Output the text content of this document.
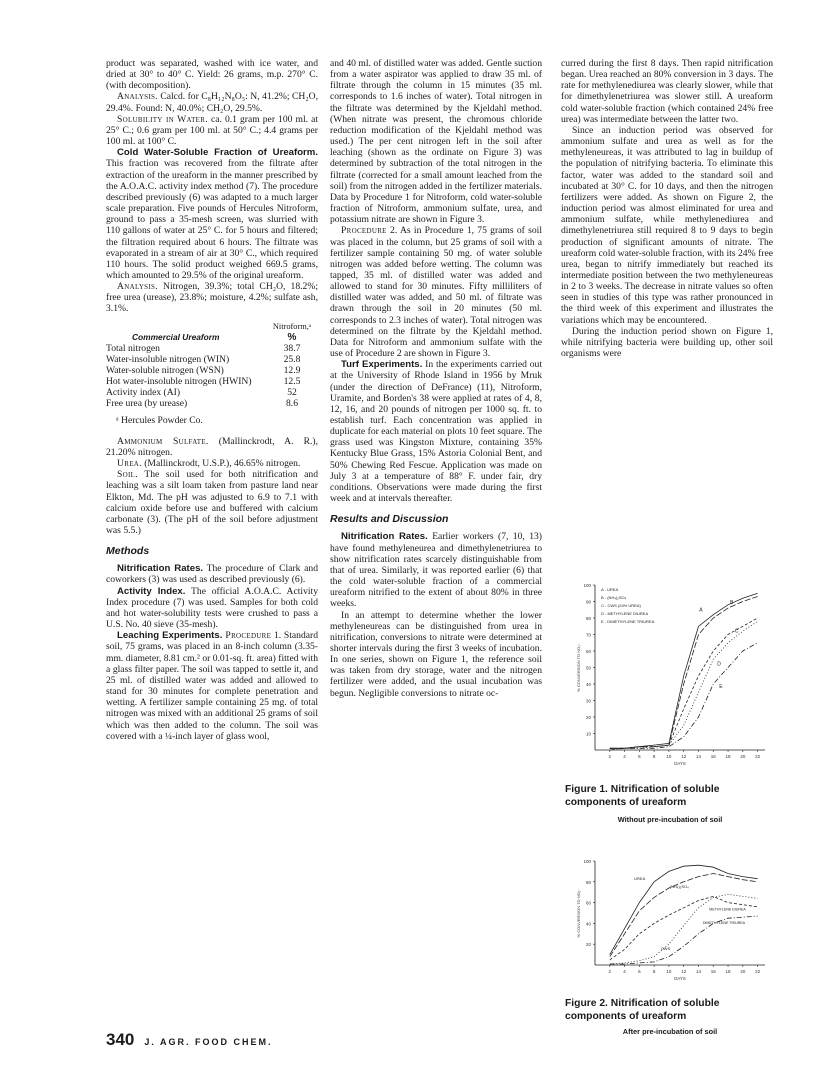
product was separated, washed with ice water, and dried at 30° to 40° C. Yield: 26 grams, m.p. 270° C. (with decomposition).

Analysis. Calcd. for C₈H₁₂N₈O₅: N, 41.2%; CH₂O, 29.4%. Found: N, 40.0%; CH₂O, 29.5%.

Solubility in Water. ca. 0.1 gram per 100 ml. at 25° C.; 0.6 gram per 100 ml. at 50° C.; 4.4 grams per 100 ml. at 100° C.

Cold Water-Soluble Fraction of Ureaform. This fraction was recovered from the filtrate after extraction of the ureaform in the manner prescribed by the A.O.A.C. activity index method (7). The procedure described previously (6) was adapted to a much larger scale preparation. Five pounds of Hercules Nitroform, ground to pass a 35-mesh screen, was slurried with 110 gallons of water at 25° C. for 5 hours and filtered; the filtration required about 6 hours. The filtrate was evaporated in a stream of air at 30° C., which required 110 hours. The solid product weighed 669.5 grams, which amounted to 29.5% of the original ureaform.

Analysis. Nitrogen, 39.3%; total CH₂O, 18.2%; free urea (urease), 23.8%; moisture, 4.2%; sulfate ash, 3.1%.

Commercial Ureaform	Nitroform,ᵃ
%

Total nitrogen	38.7
Water-insoluble nitrogen (WIN)	25.8
Water-soluble nitrogen (WSN)	12.9
Hot water-insoluble nitrogen (HWIN)	12.5
Activity index (AI)	52
Free urea (by urease)	8.6
ᵃ Hercules Powder Co.

Ammonium Sulfate. (Mallinckrodt, A. R.), 21.20% nitrogen.

Urea. (Mallinckrodt, U.S.P.), 46.65% nitrogen.

Soil. The soil used for both nitrification and leaching was a silt loam taken from pasture land near Elkton, Md. The pH was adjusted to 6.9 to 7.1 with calcium oxide before use and buffered with calcium carbonate (3). (The pH of the soil before adjustment was 5.5.)

Methods

Nitrification Rates. The procedure of Clark and coworkers (3) was used as described previously (6).

Activity Index. The official A.O.A.C. Activity Index procedure (7) was used. Samples for both cold and hot water-solubility tests were crushed to pass a U.S. No. 40 sieve (35-mesh).

Leaching Experiments. Procedure 1. Standard soil, 75 grams, was placed in an 8-inch column (3.35-mm. diameter, 8.81 cm.² or 0.01-sq. ft. area) fitted with a glass filter paper. The soil was tapped to settle it, and 25 ml. of distilled water was added and allowed to stand for 30 minutes for complete penetration and wetting. A fertilizer sample containing 25 mg. of total nitrogen was mixed with an additional 25 grams of soil which was then added to the column. The soil was covered with a ¼-inch layer of glass wool,

and 40 ml. of distilled water was added. Gentle suction from a water aspirator was applied to draw 35 ml. of filtrate through the column in 15 minutes (35 ml. corresponds to 1.6 inches of water). Total nitrogen in the filtrate was determined by the Kjeldahl method. (When nitrate was present, the chromous chloride reduction modification of the Kjeldahl method was used.) The per cent nitrogen left in the soil after leaching (shown as the ordinate on Figure 3) was determined by subtraction of the total nitrogen in the filtrate (corrected for a small amount leached from the soil) from the nitrogen added in the fertilizer materials. Data by Procedure 1 for Nitroform, cold water-soluble fraction of Nitroform, ammonium sulfate, urea, and potassium nitrate are shown in Figure 3.

Procedure 2. As in Procedure 1, 75 grams of soil was placed in the column, but 25 grams of soil with a fertilizer sample containing 50 mg. of water soluble nitrogen was added before wetting. The column was tapped, 35 ml. of distilled water was added and allowed to stand for 30 minutes. Fifty milliliters of distilled water was added, and 50 ml. of filtrate was drawn through the soil in 20 minutes (50 ml. corresponds to 2.3 inches of water). Total nitrogen was determined on the filtrate by the Kjeldahl method. Data for Nitroform and ammonium sulfate with the use of Procedure 2 are shown in Figure 3.

Turf Experiments. In the experiments carried out at the University of Rhode Island in 1956 by Mruk (under the direction of DeFrance) (11), Nitroform, Uramite, and Borden's 38 were applied at rates of 4, 8, 12, 16, and 20 pounds of nitrogen per 1000 sq. ft. to establish turf. Each concentration was applied in duplicate for each material on plots 10 feet square. The grass used was Kingston Mixture, containing 35% Kentucky Blue Grass, 15% Astoria Colonial Bent, and 50% Chewing Red Fescue. Application was made on July 3 at a temperature of 88° F. under fair, dry conditions. Observations were made during the first week and at intervals thereafter.

Results and Discussion

Nitrification Rates. Earlier workers (7, 10, 13) have found methyleneurea and dimethylenetriurea to show nitrification rates scarcely distinguishable from that of urea. Similarly, it was reported earlier (6) that the cold water-soluble fraction of a commercial ureaform nitrified to the extent of about 80% in three weeks.

In an attempt to determine whether the lower methyleneureas can be distinguished from urea in nitrification, conversions to nitrate were determined at shorter intervals during the first 3 weeks of incubation. In one series, shown on Figure 1, the reference soil was taken from dry storage, water and the nitrogen fertilizer were added, and the usual incubation was begun. Negligible conversions to nitrate oc-

curred during the first 8 days. Then rapid nitrification began. Urea reached an 80% conversion in 3 days. The rate for methylenediurea was clearly slower, while that for dimethylenetriurea was slower still. A ureaform cold water-soluble fraction (which contained 24% free urea) was intermediate between the latter two.

Since an induction period was observed for ammonium sulfate and urea as well as for the methyleneureas, it was attributed to lag in buildup of the population of nitrifying bacteria. To eliminate this factor, water was added to the standard soil and incubated at 30° C. for 10 days, and then the nitrogen fertilizers were added. As shown on Figure 2, the induction period was almost eliminated for urea and ammonium sulfate, while methylenediurea and dimethylenetriurea still required 8 to 9 days to begin production of significant amounts of nitrate. The ureaform cold water-soluble fraction, with its 24% free urea, began to nitrify immediately but reached its intermediate position between the two methyleneureas in 2 to 3 weeks. The decrease in nitrate values so often seen in studies of this type was rather pronounced in the third week of this experiment and illustrates the variations which may be encountered.

During the induction period shown on Figure 1, while nitrifying bacteria were building up, other soil organisms were

100
90
80
70
60
50
40
30
20
10
2	4	6	8 10 12 14 16 18 20 22
DAYS
% CONVERSION TO NO₃⁻
A
B
C
D
E
A - UREA
B - (NH₄)₂SO₄
C - CWS (24% UREA)
D - METHYLENE DIUREA
E - DIMETHYLENE TRIUREA
Figure 1. Nitrification of soluble components of ureaform
Without pre-incubation of soil
100
80
60
40
20
2	4	6	8 10 12 14 16 18 20 22
DAYS
% CONVERSION TO NO₃⁻
UREA
(NH₄)₂SO₄
METHYLENE DIUREA
CWS
DIMETHYLENE TRIUREA
Figure 2. Nitrification of soluble components of ureaform
After pre-incubation of soil
340 J. AGR. FOOD CHEM.
